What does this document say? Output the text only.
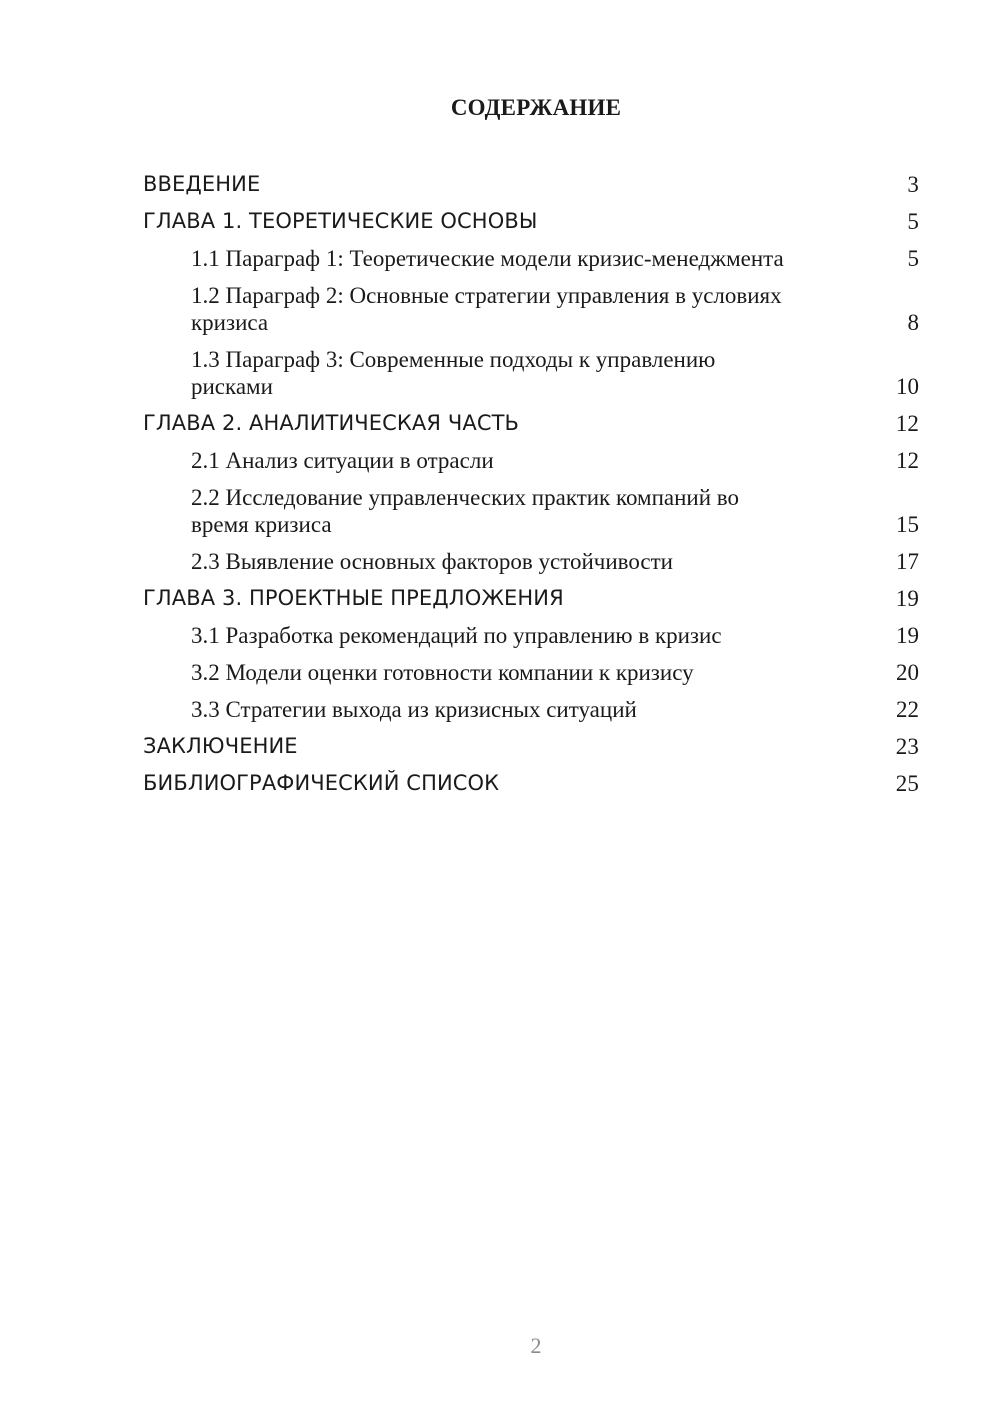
СОДЕРЖАНИЕ
ВВЕДЕНИЕ	3
ГЛАВА 1. ТЕОРЕТИЧЕСКИЕ ОСНОВЫ	5
1.1 Параграф 1: Теоретические модели кризис-менеджмента	5
1.2 Параграф 2: Основные стратегии управления в условиях кризиса	8
1.3 Параграф 3: Современные подходы к управлению рисками	10
ГЛАВА 2. АНАЛИТИЧЕСКАЯ ЧАСТЬ	12
2.1 Анализ ситуации в отрасли	12
2.2 Исследование управленческих практик компаний во время кризиса	15
2.3 Выявление основных факторов устойчивости	17
ГЛАВА 3. ПРОЕКТНЫЕ ПРЕДЛОЖЕНИЯ	19
3.1 Разработка рекомендаций по управлению в кризис	19
3.2 Модели оценки готовности компании к кризису	20
3.3 Стратегии выхода из кризисных ситуаций	22
ЗАКЛЮЧЕНИЕ	23
БИБЛИОГРАФИЧЕСКИЙ СПИСОК	25
2
